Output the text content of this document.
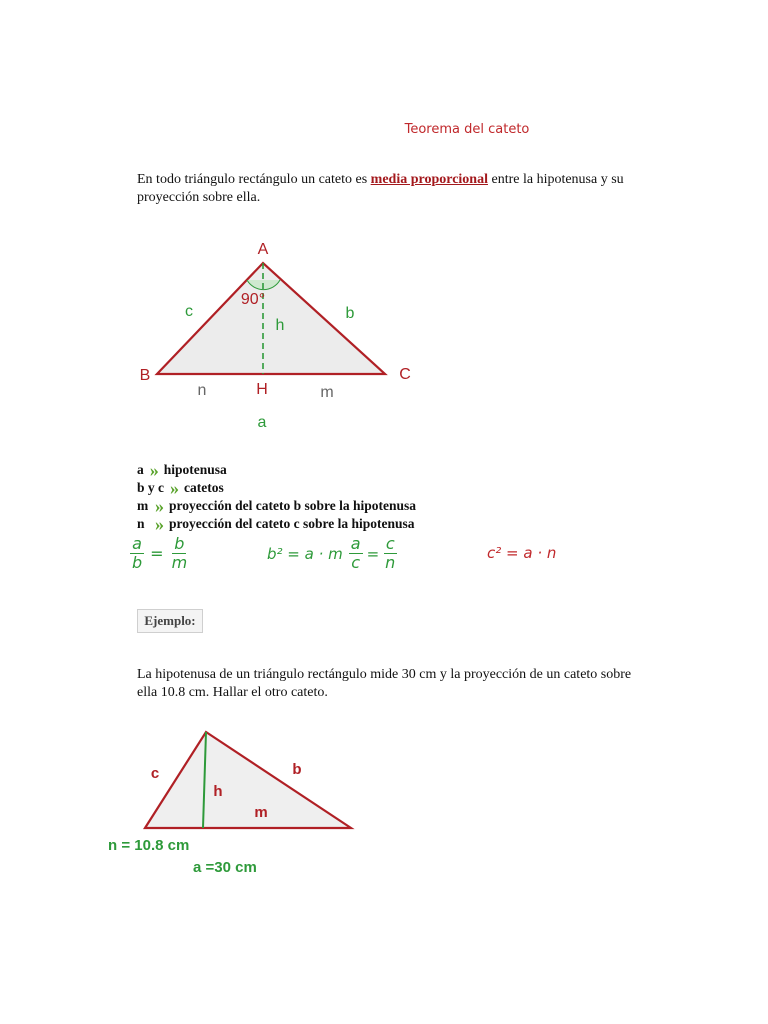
Teorema del cateto
En todo triángulo rectángulo un cateto es media proporcional entre la hipotenusa y su proyección sobre ella.
A
B	C
H
90°
c	b
h
n	m
a
a » hipotenusa
b y c » catetos
m » proyección del cateto b sobre la hipotenusa
n » proyección del cateto c sobre la hipotenusa
$\frac{a}{b} = \frac{b}{m}$	b² = a · m $\frac{a}{c} = \frac{c}{n}$	c² = a · n
Ejemplo:
La hipotenusa de un triángulo rectángulo mide 30 cm y la proyección de un cateto sobre ella 10.8 cm. Hallar el otro cateto.
c	b
h
m
n = 10.8 cm
a =30 cm
